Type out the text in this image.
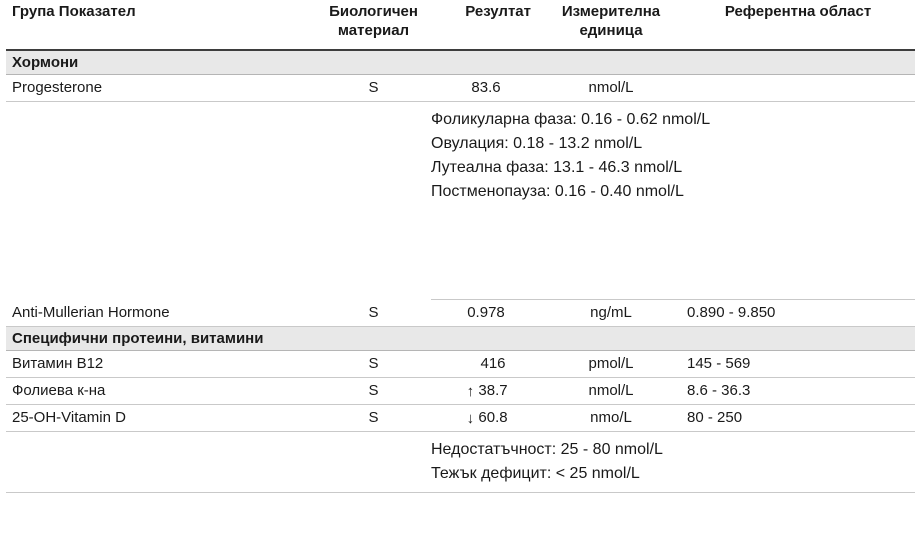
Група Показател	Биологичен
материал	Резултат	Измерителна
единица	Референтна област
Хормони				
Progesterone	S	83.6	nmol/L	

		Фоликуларна фаза: 0.16 - 0.62 nmol/L
Овулация: 0.18 - 13.2 nmol/L
Лутеална фаза: 13.1 - 46.3 nmol/L
Постменопауза: 0.16 - 0.40 nmol/L		

Anti-Mullerian Hormone	S	0.978	ng/mL	0.890 - 9.850
Специфични протеини, витамини				
Витамин B12	S	416	pmol/L	145 - 569
Фолиева к-на	S	↑38.7	nmol/L	8.6 - 36.3
25-OH-Vitamin D	S	↓60.8	nmo/L	80 - 250

		Недостатъчност: 25 - 80 nmol/L
Тежък дефицит: < 25 nmol/L		
